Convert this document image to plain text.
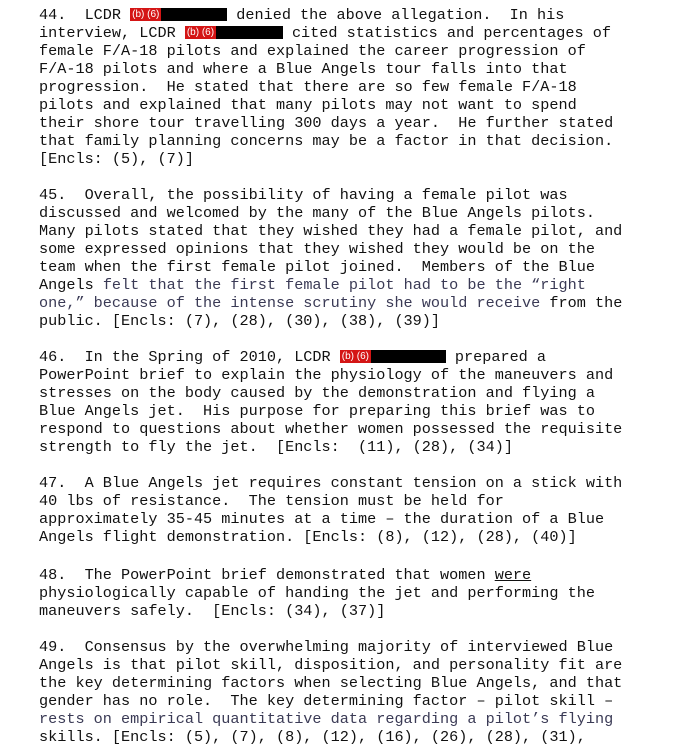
44.  LCDR (b) (6)	denied the above allegation.  In his
interview, LCDR (b) (6)	cited statistics and percentages of
female F/A-18 pilots and explained the career progression of
F/A-18 pilots and where a Blue Angels tour falls into that
progression.  He stated that there are so few female F/A-18
pilots and explained that many pilots may not want to spend
their shore tour travelling 300 days a year.  He further stated
that family planning concerns may be a factor in that decision.
[Encls: (5), (7)]
45.  Overall, the possibility of having a female pilot was
discussed and welcomed by the many of the Blue Angels pilots.
Many pilots stated that they wished they had a female pilot, and
some expressed opinions that they wished they would be on the
team when the first female pilot joined.  Members of the Blue
Angels felt that the first female pilot had to be the “right
one,” because of the intense scrutiny she would receive from the
public. [Encls: (7), (28), (30), (38), (39)]
46.  In the Spring of 2010, LCDR (b) (6)	prepared a
PowerPoint brief to explain the physiology of the maneuvers and
stresses on the body caused by the demonstration and flying a
Blue Angels jet.  His purpose for preparing this brief was to
respond to questions about whether women possessed the requisite
strength to fly the jet.  [Encls:  (11), (28), (34)]
47.  A Blue Angels jet requires constant tension on a stick with
40 lbs of resistance.  The tension must be held for
approximately 35-45 minutes at a time – the duration of a Blue
Angels flight demonstration. [Encls: (8), (12), (28), (40)]
48.  The PowerPoint brief demonstrated that women were
physiologically capable of handing the jet and performing the
maneuvers safely.  [Encls: (34), (37)]
49.  Consensus by the overwhelming majority of interviewed Blue
Angels is that pilot skill, disposition, and personality fit are
the key determining factors when selecting Blue Angels, and that
gender has no role.  The key determining factor – pilot skill –
rests on empirical quantitative data regarding a pilot’s flying
skills. [Encls: (5), (7), (8), (12), (16), (26), (28), (31),
